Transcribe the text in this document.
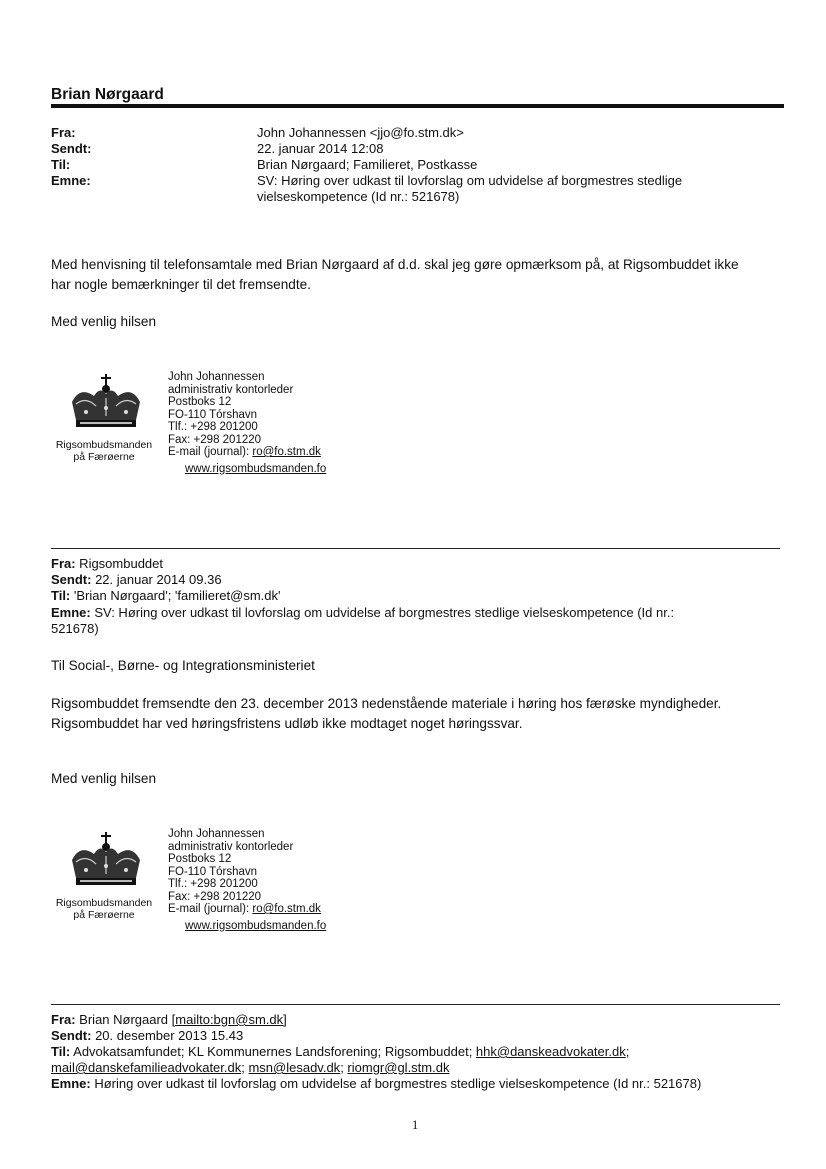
Brian Nørgaard
Fra:
Sendt:
Til:
Emne:
John Johannessen <jjo@fo.stm.dk>
22. januar 2014 12:08
Brian Nørgaard; Familieret, Postkasse
SV: Høring over udkast til lovforslag om udvidelse af borgmestres stedlige
vielseskompetence (Id nr.: 521678)
Med henvisning til telefonsamtale med Brian Nørgaard af d.d. skal jeg gøre opmærksom på, at Rigsombuddet ikke
har nogle bemærkninger til det fremsendte.
Med venlig hilsen
Rigsombudsmanden
på Færøerne
John Johannessen
administrativ kontorleder
Postboks 12
FO-110 Tórshavn
Tlf.: +298 201200
Fax: +298 201220
E-mail (journal): ro@fo.stm.dk
www.rigsombudsmanden.fo
Fra: Rigsombuddet
Sendt: 22. januar 2014 09.36
Til: 'Brian Nørgaard'; 'familieret@sm.dk'
Emne: SV: Høring over udkast til lovforslag om udvidelse af borgmestres stedlige vielseskompetence (Id nr.:
521678)
Til Social-, Børne- og Integrationsministeriet
Rigsombuddet fremsendte den 23. december 2013 nedenstående materiale i høring hos færøske myndigheder.
Rigsombuddet har ved høringsfristens udløb ikke modtaget noget høringssvar.
Med venlig hilsen
Rigsombudsmanden
på Færøerne
John Johannessen
administrativ kontorleder
Postboks 12
FO-110 Tórshavn
Tlf.: +298 201200
Fax: +298 201220
E-mail (journal): ro@fo.stm.dk
www.rigsombudsmanden.fo
Fra: Brian Nørgaard [mailto:bgn@sm.dk]
Sendt: 20. desember 2013 15.43
Til: Advokatsamfundet; KL Kommunernes Landsforening; Rigsombuddet; hhk@danskeadvokater.dk;
mail@danskefamilieadvokater.dk; msn@lesadv.dk; riomgr@gl.stm.dk
Emne: Høring over udkast til lovforslag om udvidelse af borgmestres stedlige vielseskompetence (Id nr.: 521678)
1
